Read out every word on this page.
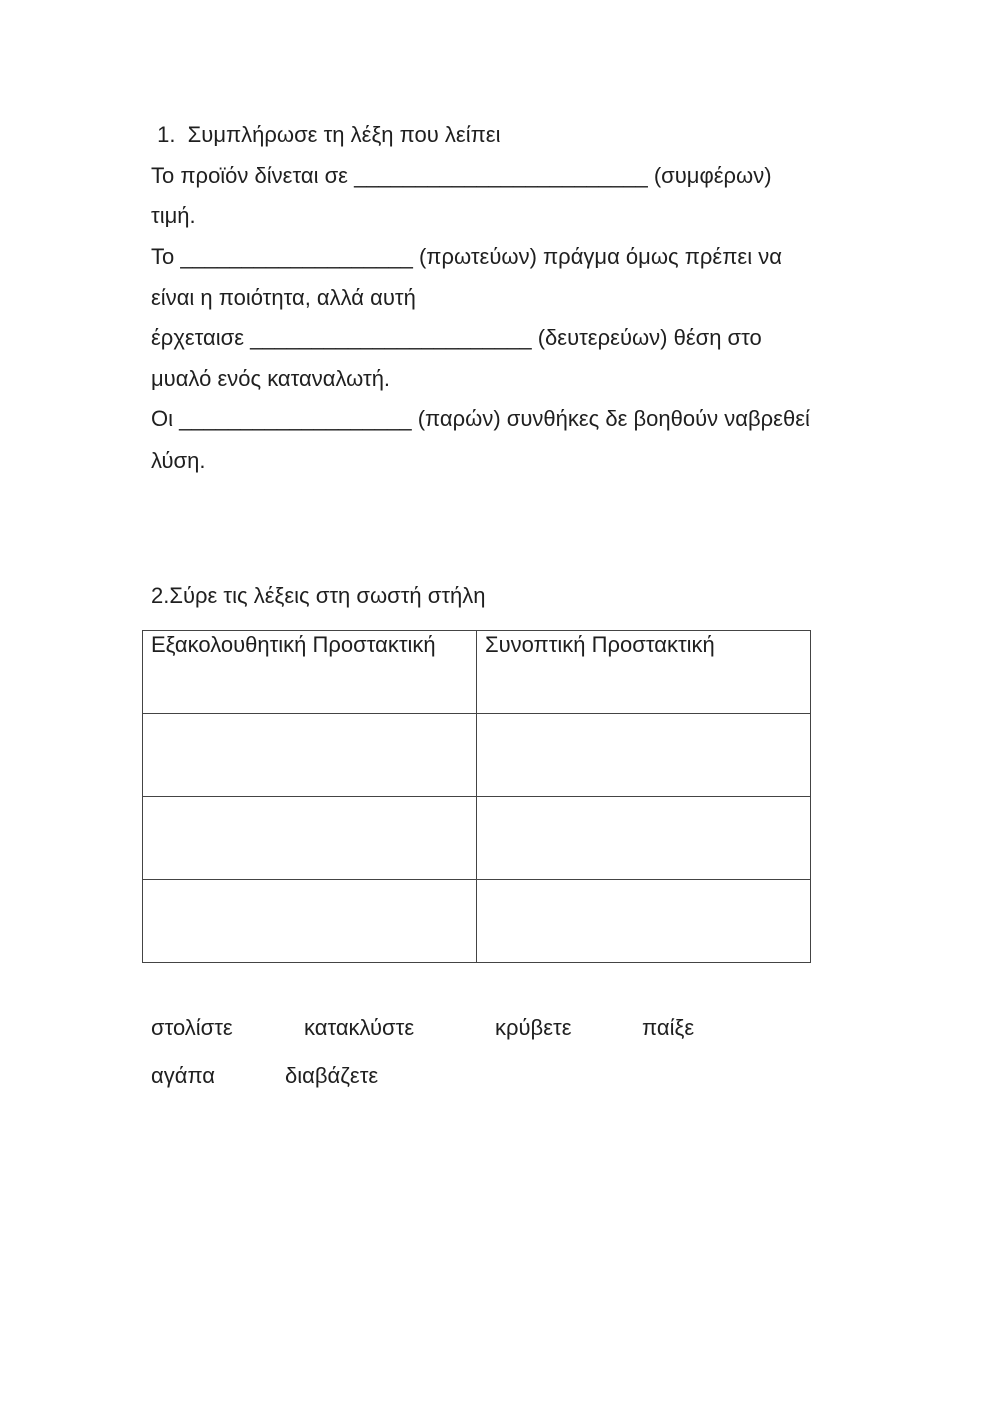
1.  Συμπλήρωσε τη λέξη που λείπει
Το προϊόν δίνεται σε ________________________ (συμφέρων)
τιμή.
Το ___________________ (πρωτεύων) πράγμα όμως πρέπει να
είναι η ποιότητα, αλλά αυτή
έρχεταισε _______________________ (δευτερεύων) θέση στο
μυαλό ενός καταναλωτή.
Οι ___________________ (παρών) συνθήκες δε βοηθούν ναβρεθεί
λύση.
2.Σύρε τις λέξεις στη σωστή στήλη
Εξακολουθητική Προστακτική	Συνοπτική Προστακτική

στολίστε	κατακλύστε	κρύβετε	παίξε
αγάπα	διαβάζετε
